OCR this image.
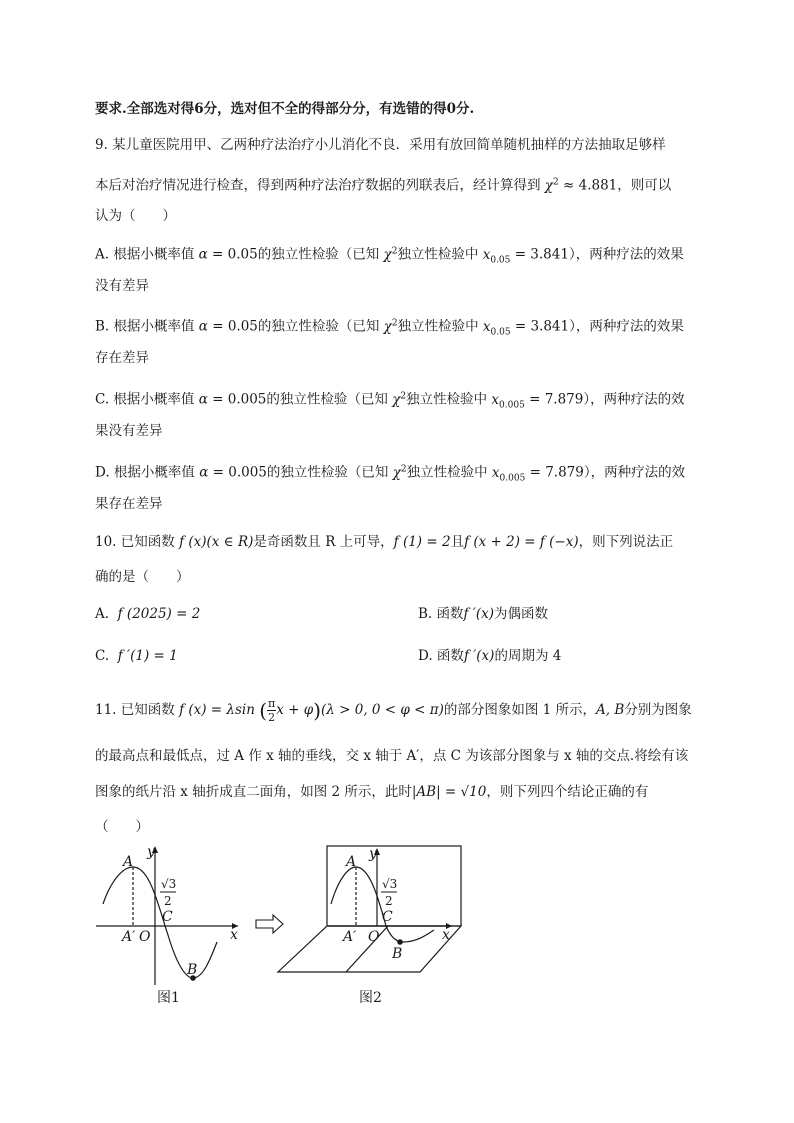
要求.全部选对得6分，选对但不全的得部分分，有选错的得0分.
9. 某儿童医院用甲、乙两种疗法治疗小儿消化不良．采用有放回简单随机抽样的方法抽取足够样
本后对治疗情况进行检查，得到两种疗法治疗数据的列联表后，经计算得到 $\chi^2 \approx 4.881$，则可以
认为（　　）
A. 根据小概率值 α = 0.05的独立性检验（已知 $\chi^2$独立性检验中 $x_{0.05} = 3.841$），两种疗法的效果
没有差异
B. 根据小概率值 α = 0.05的独立性检验（已知 $\chi^2$独立性检验中 $x_{0.05} = 3.841$），两种疗法的效果
存在差异
C. 根据小概率值 α = 0.005的独立性检验（已知 $\chi^2$独立性检验中 $x_{0.005} = 7.879$），两种疗法的效
果没有差异
D. 根据小概率值 α = 0.005的独立性检验（已知 $\chi^2$独立性检验中 $x_{0.005} = 7.879$），两种疗法的效
果存在差异
10. 已知函数 f (x)(x ∈ R)是奇函数且 R 上可导，f (1) = 2且f (x + 2) = f (−x)，则下列说法正
确的是（　　）
A. f (2025) = 2	B. 函数f ′(x)为偶函数
C. f ′(1) = 1	D. 函数f ′(x)的周期为 4
11. 已知函数 f (x) = λsin ( $\frac{\pi}{2}$ x + φ)(λ > 0, 0 < φ < π)的部分图象如图 1 所示，A, B分别为图象
的最高点和最低点，过 A 作 x 轴的垂线，交 x 轴于 A′，点 C 为该部分图象与 x 轴的交点.将绘有该
图象的纸片沿 x 轴折成直二面角，如图 2 所示，此时|AB| = √10，则下列四个结论正确的有
（　　）
A
y
x
A′ O
C
B
√3
2
图1
A y
x
A′ O
C
B
√3
2
图2
